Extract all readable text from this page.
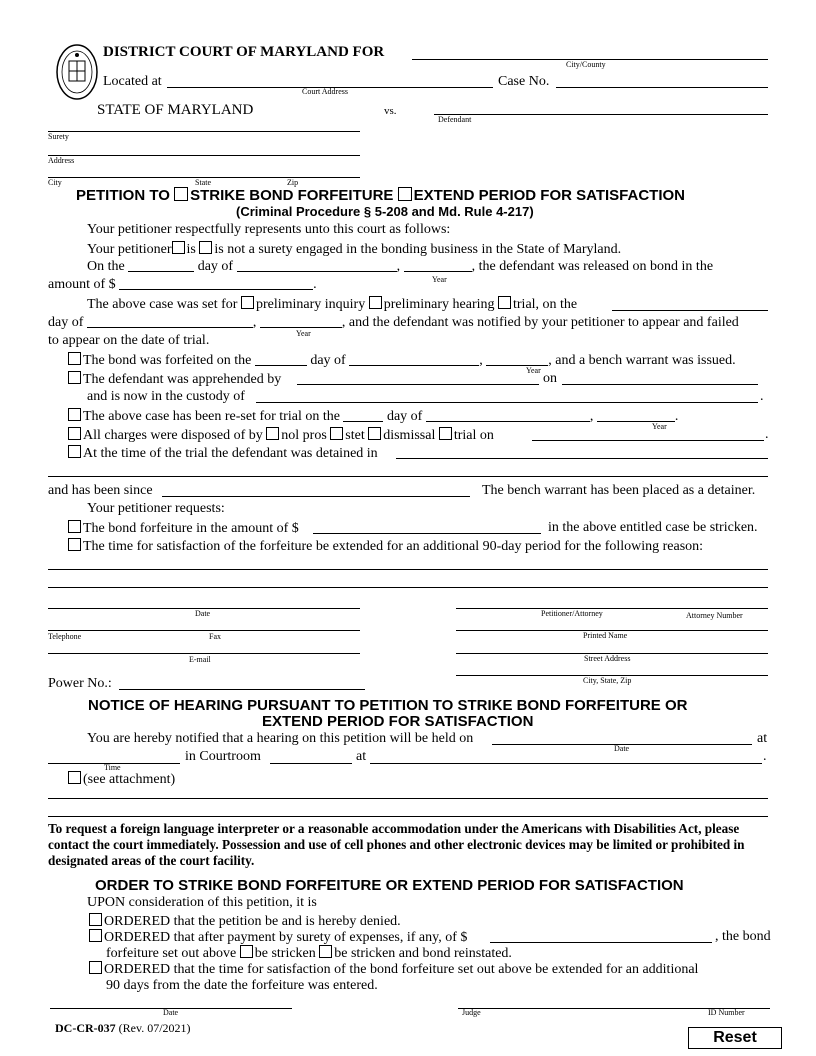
DISTRICT COURT OF MARYLAND FOR
City/County
Located at
Court Address
Case No.
STATE OF MARYLAND	vs.
Defendant
Surety
Address
City	State	Zip
PETITION TO STRIKE BOND FORFEITURE EXTEND PERIOD FOR SATISFACTION
(Criminal Procedure § 5-208 and Md. Rule 4-217)
Your petitioner respectfully represents unto this court as follows:
Your petitioner is is not a surety engaged in the bonding business in the State of Maryland.
On the	day of	,	, the defendant was released on bond in the
Year
amount of $	.
The above case was set for preliminary inquiry preliminary hearing trial, on the
day of	,	, and the defendant was notified by your petitioner to appear and failed
Year
to appear on the date of trial.
The bond was forfeited on the	day of	,	, and a bench warrant was issued.
Year
The defendant was apprehended by	on
and is now in the custody of	.
The above case has been re-set for trial on the	day of	,	.
Year
All charges were disposed of by nol pros stet dismissal trial on	.
At the time of the trial the defendant was detained in
and has been since	The bench warrant has been placed as a detainer.
Your petitioner requests:
The bond forfeiture in the amount of $	in the above entitled case be stricken.
The time for satisfaction of the forfeiture be extended for an additional 90-day period for the following reason:
Date	Petitioner/Attorney	Attorney Number
Telephone	Fax	Printed Name
E-mail	Street Address
Power No.:	City, State, Zip
NOTICE OF HEARING PURSUANT TO PETITION TO STRIKE BOND FORFEITURE OR
EXTEND PERIOD FOR SATISFACTION
You are hereby notified that a hearing on this petition will be held on
Date
at
Time
in Courtroom	at	.
(see attachment)
To request a foreign language interpreter or a reasonable accommodation under the Americans with Disabilities Act, please contact the court immediately. Possession and use of cell phones and other electronic devices may be limited or prohibited in designated areas of the court facility.
ORDER TO STRIKE BOND FORFEITURE OR EXTEND PERIOD FOR SATISFACTION
UPON consideration of this petition, it is
ORDERED that the petition be and is hereby denied.
ORDERED that after payment by surety of expenses, if any, of $	, the bond
forfeiture set out above be stricken be stricken and bond reinstated.
ORDERED that the time for satisfaction of the bond forfeiture set out above be extended for an additional
90 days from the date the forfeiture was entered.
Date	Judge	ID Number
DC-CR-037 (Rev. 07/2021)
Reset
